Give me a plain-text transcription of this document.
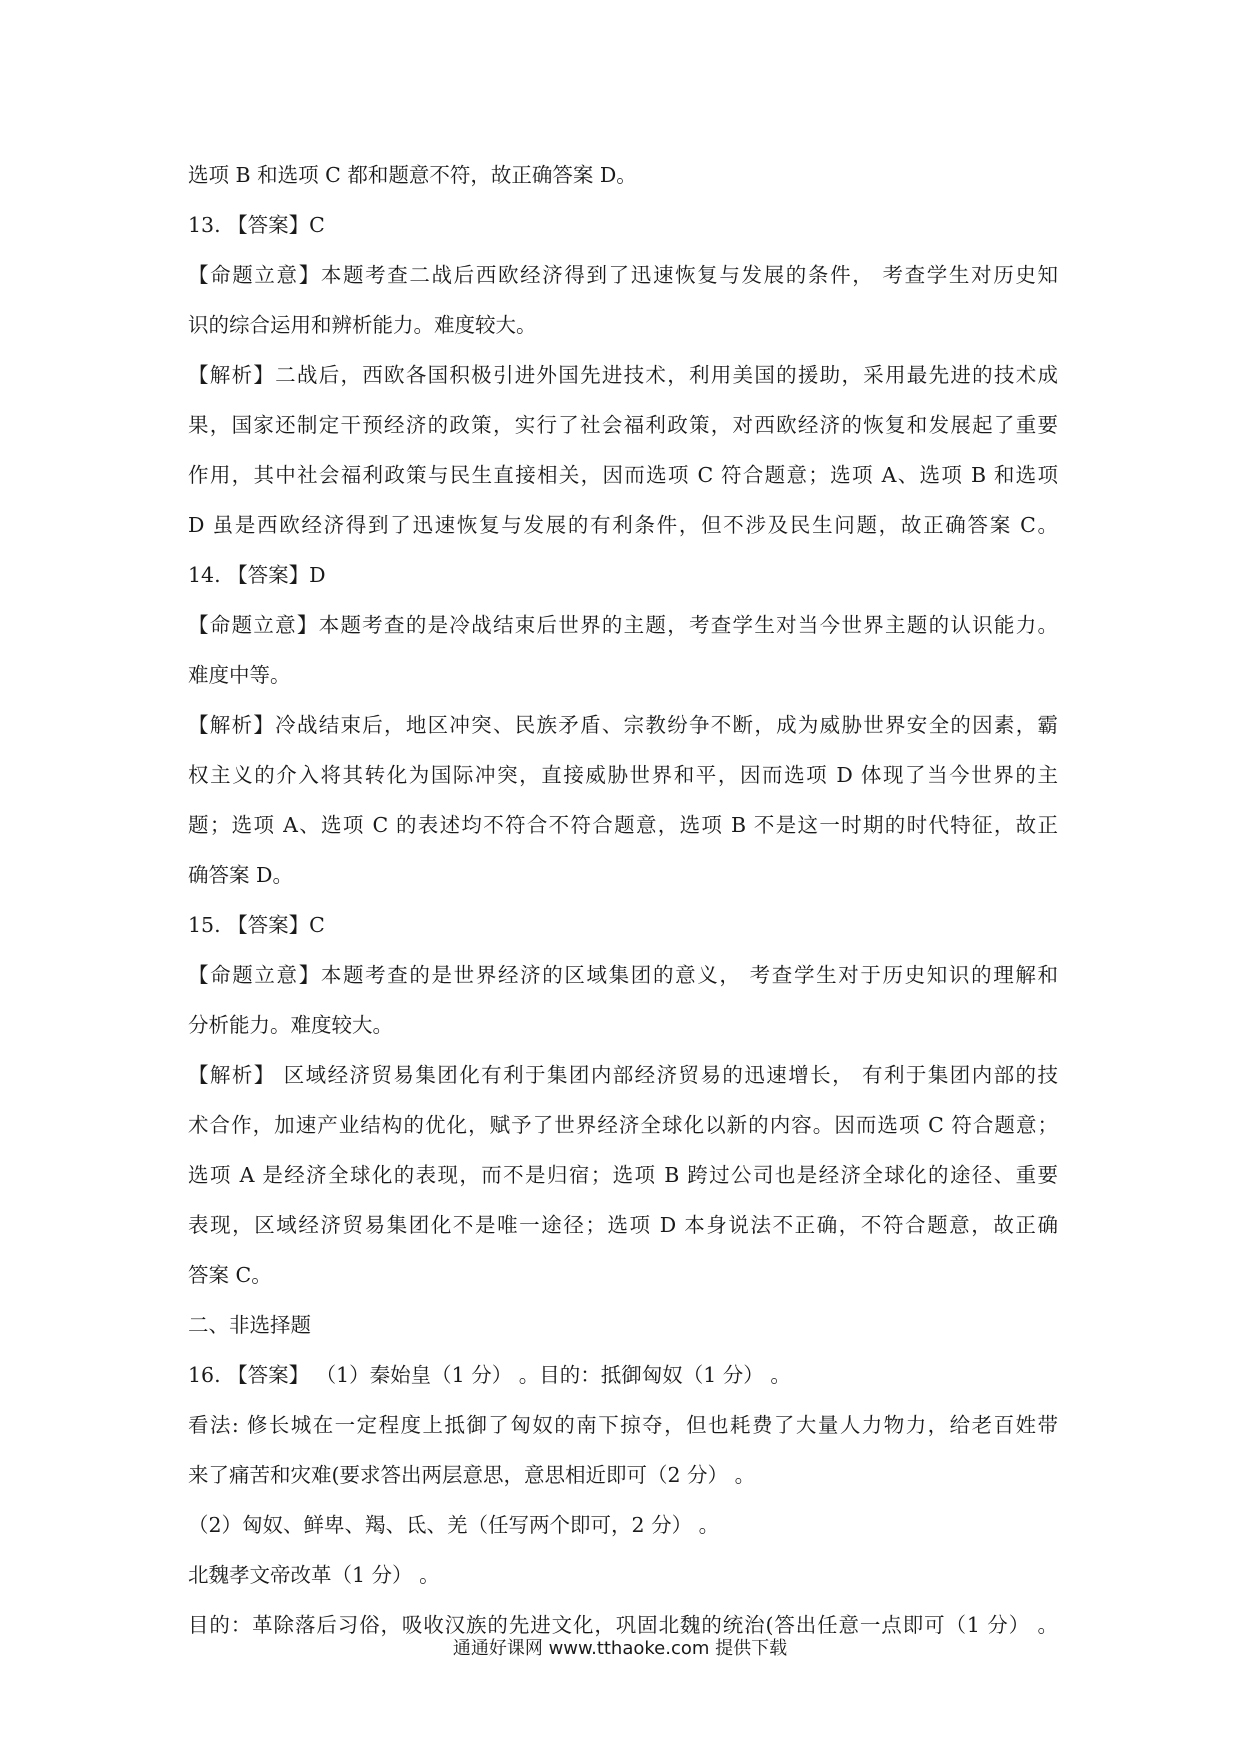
选项 B 和选项 C 都和题意不符，故正确答案 D。
13. 【答案】C
【命题立意】本题考查二战后西欧经济得到了迅速恢复与发展的条件， 考查学生对历史知
识的综合运用和辨析能力。难度较大。
【解析】二战后，西欧各国积极引进外国先进技术，利用美国的援助，采用最先进的技术成
果，国家还制定干预经济的政策，实行了社会福利政策，对西欧经济的恢复和发展起了重要
作用，其中社会福利政策与民生直接相关，因而选项 C 符合题意；选项 A、选项 B 和选项
D 虽是西欧经济得到了迅速恢复与发展的有利条件，但不涉及民生问题，故正确答案 C。
14. 【答案】D
【命题立意】本题考查的是冷战结束后世界的主题，考查学生对当今世界主题的认识能力。
难度中等。
【解析】冷战结束后，地区冲突、民族矛盾、宗教纷争不断，成为威胁世界安全的因素，霸
权主义的介入将其转化为国际冲突，直接威胁世界和平，因而选项 D 体现了当今世界的主
题；选项 A、选项 C 的表述均不符合不符合题意，选项 B 不是这一时期的时代特征，故正
确答案 D。
15. 【答案】C
【命题立意】本题考查的是世界经济的区域集团的意义， 考查学生对于历史知识的理解和
分析能力。难度较大。
【解析】 区域经济贸易集团化有利于集团内部经济贸易的迅速增长， 有利于集团内部的技
术合作，加速产业结构的优化，赋予了世界经济全球化以新的内容。因而选项 C 符合题意；
选项 A 是经济全球化的表现，而不是归宿；选项 B 跨过公司也是经济全球化的途径、重要
表现，区域经济贸易集团化不是唯一途径；选项 D 本身说法不正确，不符合题意，故正确
答案 C。
二、非选择题
16. 【答案】 （1）秦始皇（1 分） 。目的：抵御匈奴（1 分） 。
看法: 修长城在一定程度上抵御了匈奴的南下掠夺，但也耗费了大量人力物力，给老百姓带
来了痛苦和灾难(要求答出两层意思，意思相近即可（2 分） 。
（2）匈奴、鲜卑、羯、氐、羌（任写两个即可，2 分） 。
北魏孝文帝改革（1 分） 。
目的：革除落后习俗，吸收汉族的先进文化，巩固北魏的统治(答出任意一点即可（1 分） 。
通通好课网 www.tthaoke.com 提供下载
